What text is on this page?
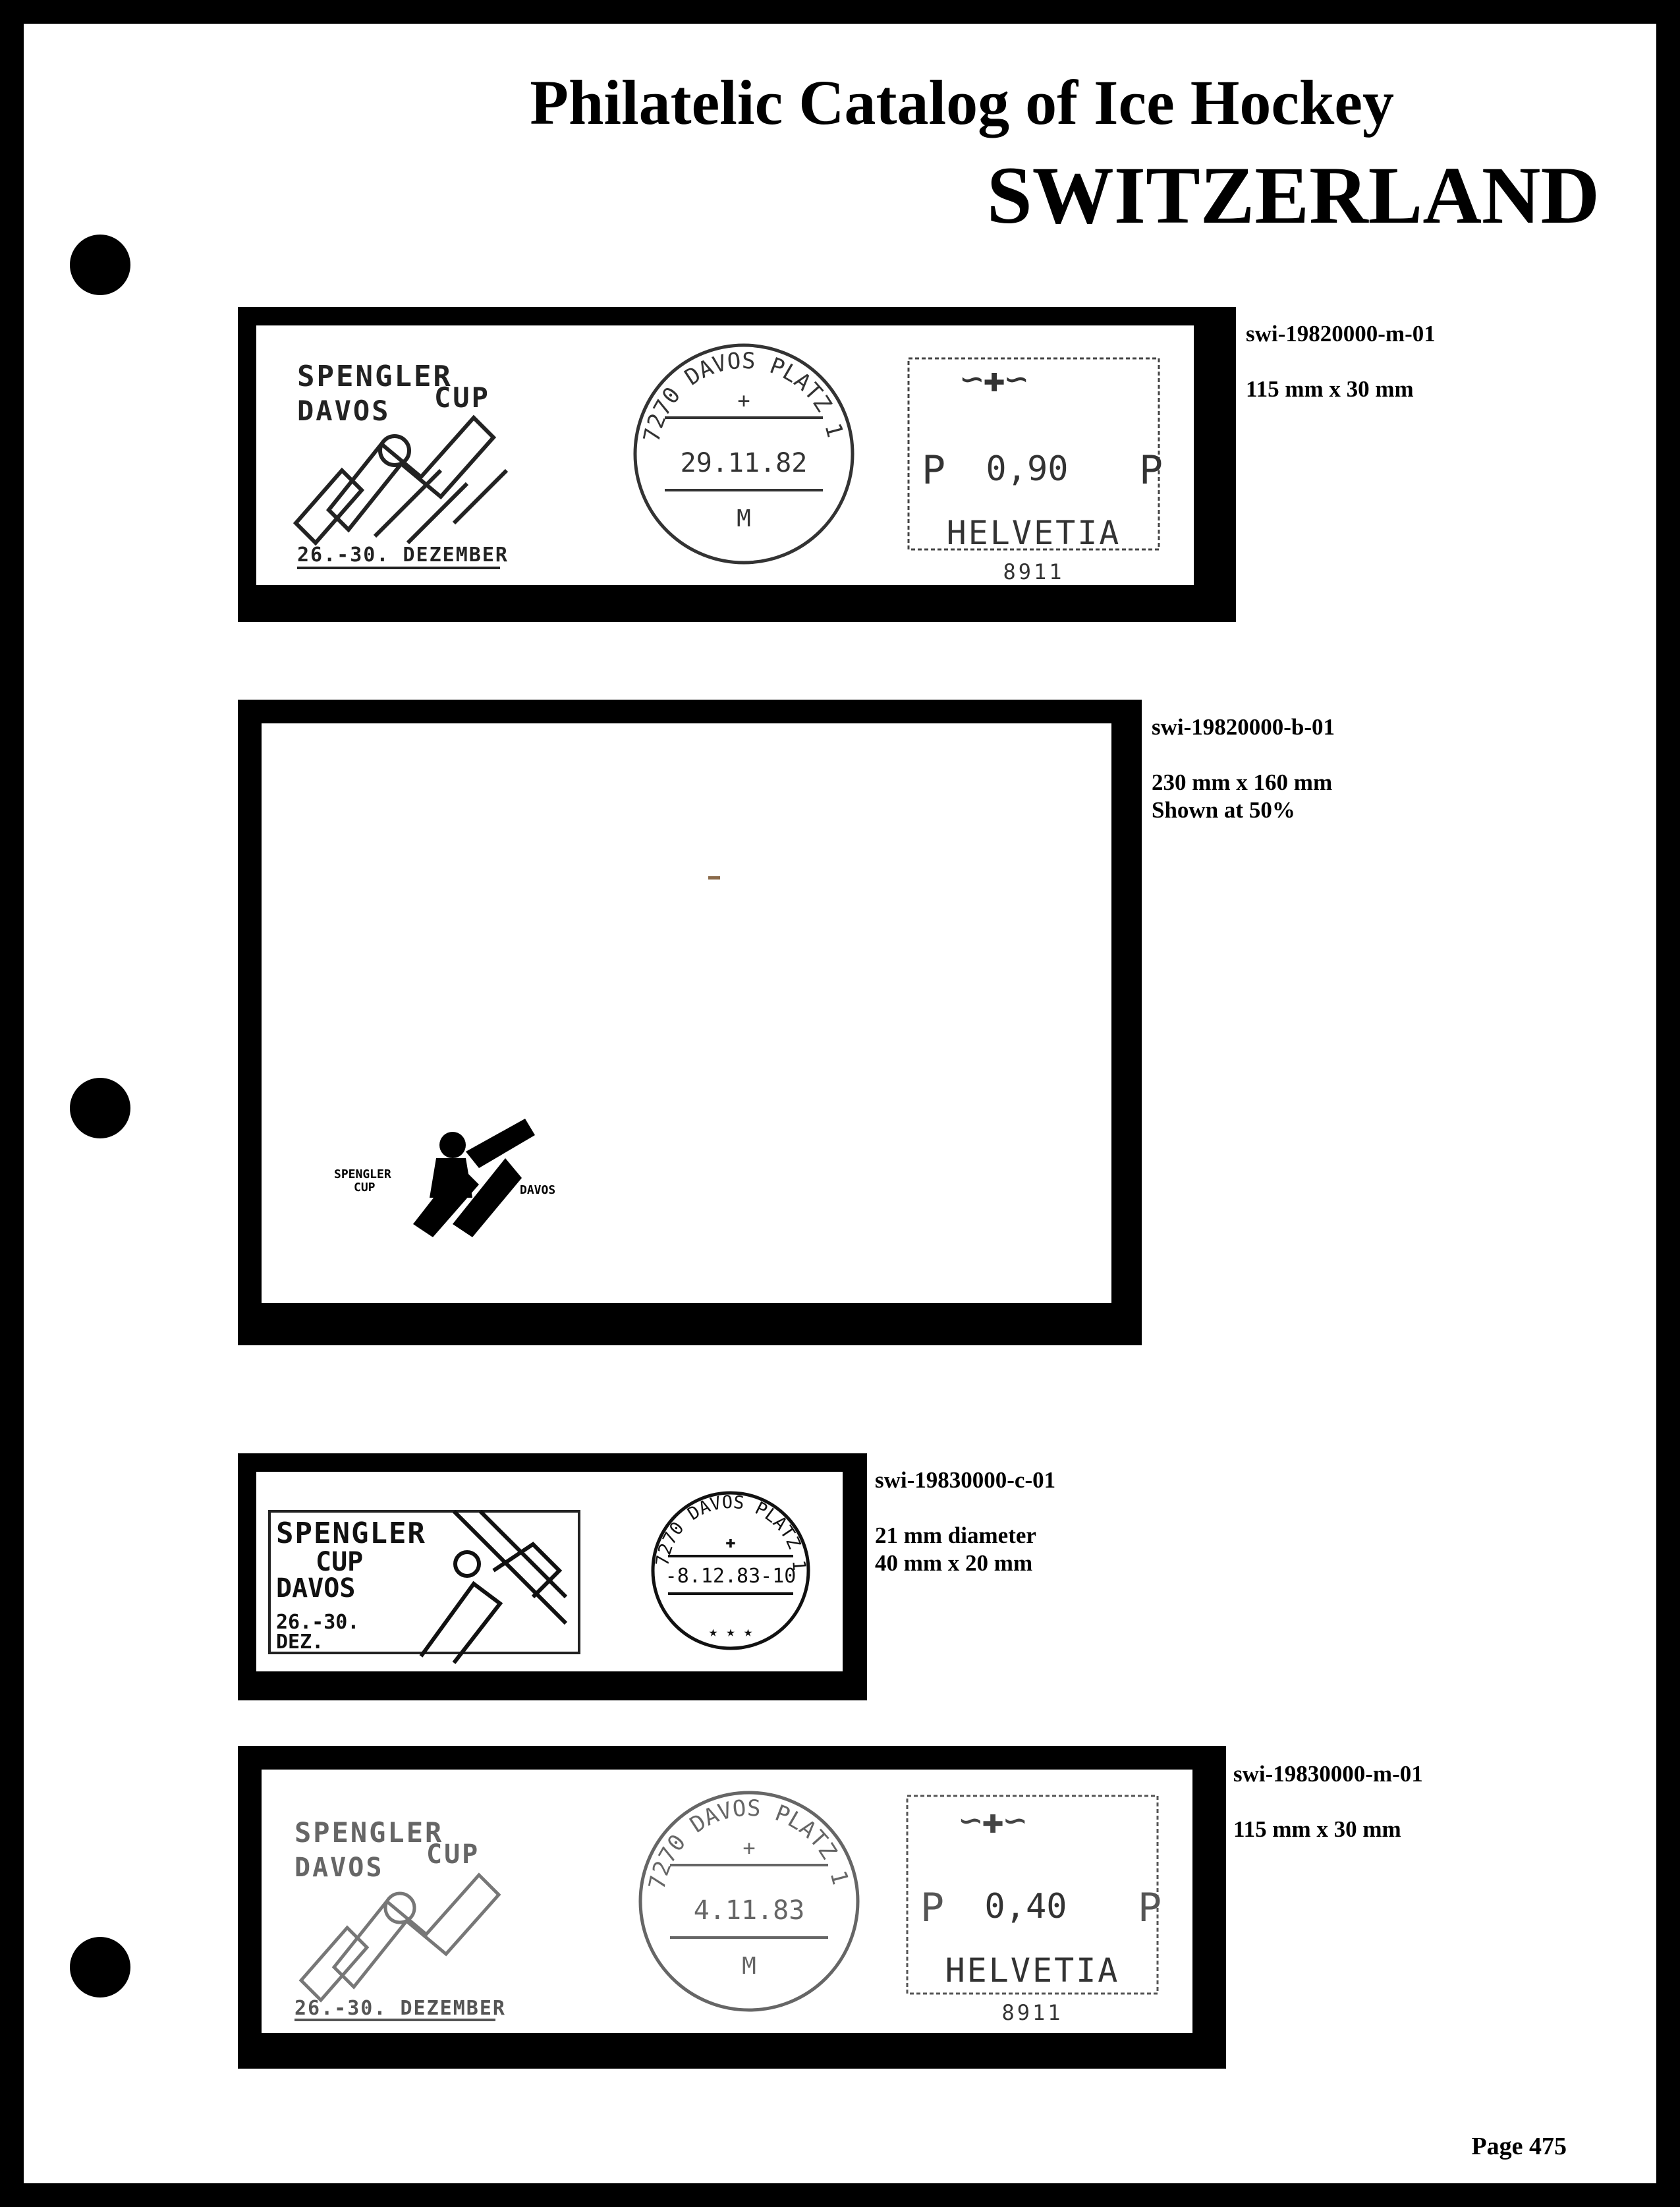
Philatelic Catalog of Ice Hockey
SWITZERLAND
SPENGLER
DAVOS CUP
26.-30. DEZEMBER
7270 DAVOS PLATZ 1
29.11.82
M
+	∽✚∽
P 0,90 P
HELVETIA
8911
swi-19820000-m-01
115 mm x 30 mm
SPENGLER
CUP	DAVOS
swi-19820000-b-01
230 mm x 160 mm
Shown at 50%
SPENGLER
CUP
DAVOS
26.-30.
DEZ.
7270 DAVOS PLATZ 1
-8.12.83-10
✚
★ ★ ★
swi-19830000-c-01
21 mm diameter
40 mm x 20 mm
SPENGLER
DAVOS CUP
26.-30. DEZEMBER
7270 DAVOS PLATZ 1
4.11.83
M
+
∽✚∽
P 0,40 P
HELVETIA
8911
swi-19830000-m-01
115 mm x 30 mm
Page 475
